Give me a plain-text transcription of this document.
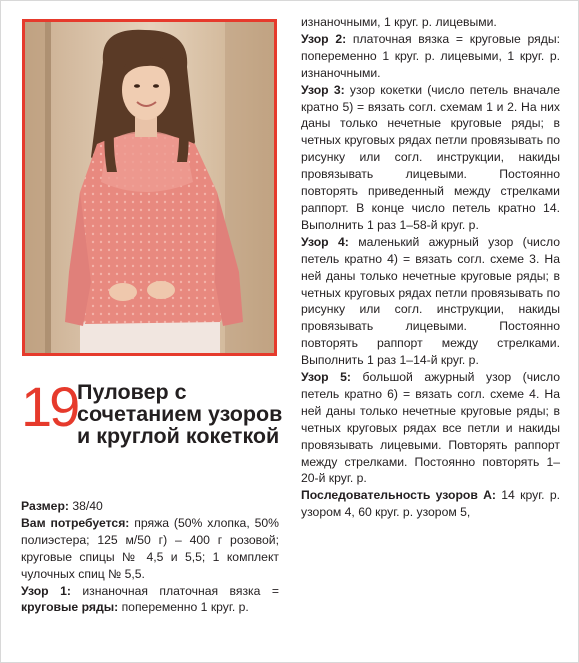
19 Пуловер с сочетанием узоров и круглой кокеткой

Размер: 38/40

Вам потребуется: пряжа (50% хлопка, 50% полиэстера; 125 м/50 г) – 400 г розовой; круговые спицы № 4,5 и 5,5; 1 комплект чулочных спиц № 5,5.

Узор 1: изнаночная платочная вязка = круговые ряды: попеременно 1 круг. р.

изнаночными, 1 круг. р. лицевыми.

Узор 2: платочная вязка = круговые ряды: попеременно 1 круг. р. лицевыми, 1 круг. р. изнаночными.

Узор 3: узор кокетки (число петель вначале кратно 5) = вязать согл. схемам 1 и 2. На них даны только нечетные круговые ряды; в четных круговых рядах петли провязывать по рисунку или согл. инструкции, накиды провязывать лицевыми. Постоянно повторять приведенный между стрелками раппорт. В конце число петель кратно 14. Выполнить 1 раз 1–58-й круг. р.

Узор 4: маленький ажурный узор (число петель кратно 4) = вязать согл. схеме 3. На ней даны только нечетные круговые ряды; в четных круговых рядах петли провязывать по рисунку или согл. инструкции, накиды провязывать лицевыми. Постоянно повторять раппорт между стрелками. Выполнить 1 раз 1–14-й круг. р.

Узор 5: большой ажурный узор (число петель кратно 6) = вязать согл. схеме 4. На ней даны только нечетные круговые ряды; в четных круговых рядах все петли и накиды провязывать лицевыми. Повторять раппорт между стрелками. Постоянно повторять 1–20-й круг. р.

Последовательность узоров А: 14 круг. р. узором 4, 60 круг. р. узором 5,
